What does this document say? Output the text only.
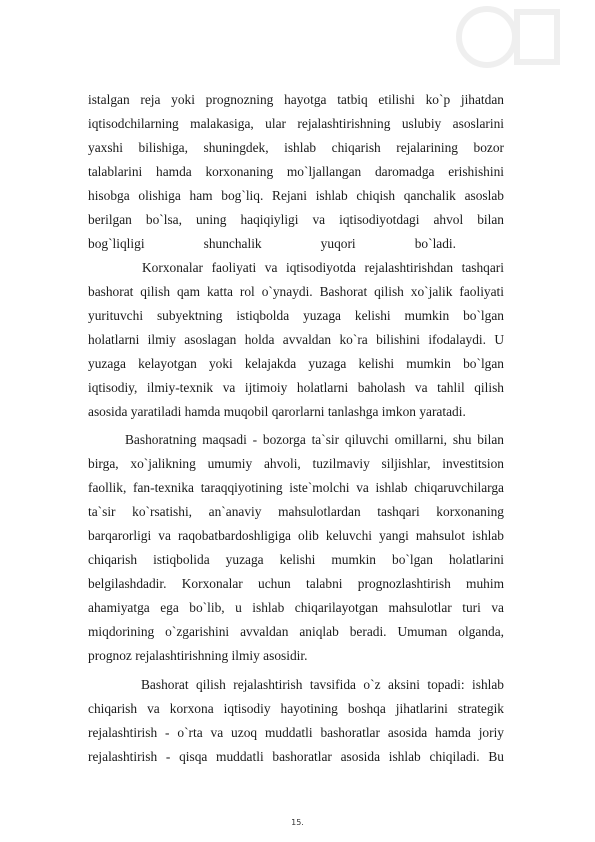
istalgan reja yoki prognozning hayotga tatbiq etilishi ko`p jihatdan
iqtisodchilarning malakasiga, ular rejalashtirishning uslubiy asoslarini
yaxshi bilishiga, shuningdek, ishlab chiqarish rejalarining bozor
talablarini hamda korxonaning mo`ljallangan daromadga erishishini
hisobga olishiga ham bog`liq. Rejani ishlab chiqish qanchalik asoslab
berilgan bo`lsa, uning haqiqiyligi va iqtisodiyotdagi ahvol bilan
bog`liqligi shunchalik yuqori bo`ladi.
Korxonalar faoliyati va iqtisodiyotda rejalashtirishdan tashqari
bashorat qilish qam katta rol o`ynaydi. Bashorat qilish xo`jalik faoliyati
yurituvchi subyektning istiqbolda yuzaga kelishi mumkin bo`lgan
holatlarni ilmiy asoslagan holda avvaldan ko`ra bilishini ifodalaydi. U
yuzaga kelayotgan yoki kelajakda yuzaga kelishi mumkin bo`lgan
iqtisodiy, ilmiy-texnik va ijtimoiy holatlarni baholash va tahlil qilish
asosida yaratiladi hamda muqobil qarorlarni tanlashga imkon yaratadi.
Bashoratning maqsadi - bozorga ta`sir qiluvchi omillarni, shu bilan
birga, xo`jalikning umumiy ahvoli, tuzilmaviy siljishlar, investitsion
faollik, fan-texnika taraqqiyotining iste`molchi va ishlab chiqaruvchilarga
ta`sir ko`rsatishi, an`anaviy mahsulotlardan tashqari korxonaning
barqarorligi va raqobatbardoshligiga olib keluvchi yangi mahsulot ishlab
chiqarish istiqbolida yuzaga kelishi mumkin bo`lgan holatlarini
belgilashdadir. Korxonalar uchun talabni prognozlashtirish muhim
ahamiyatga ega bo`lib, u ishlab chiqarilayotgan mahsulotlar turi va
miqdorining o`zgarishini avvaldan aniqlab beradi. Umuman olganda,
prognoz rejalashtirishning ilmiy asosidir.
Bashorat qilish rejalashtirish tavsifida o`z aksini topadi: ishlab
chiqarish va korxona iqtisodiy hayotining boshqa jihatlarini strategik
rejalashtirish - o`rta va uzoq muddatli bashoratlar asosida hamda joriy
rejalashtirish - qisqa muddatli bashoratlar asosida ishlab chiqiladi. Bu
15.
